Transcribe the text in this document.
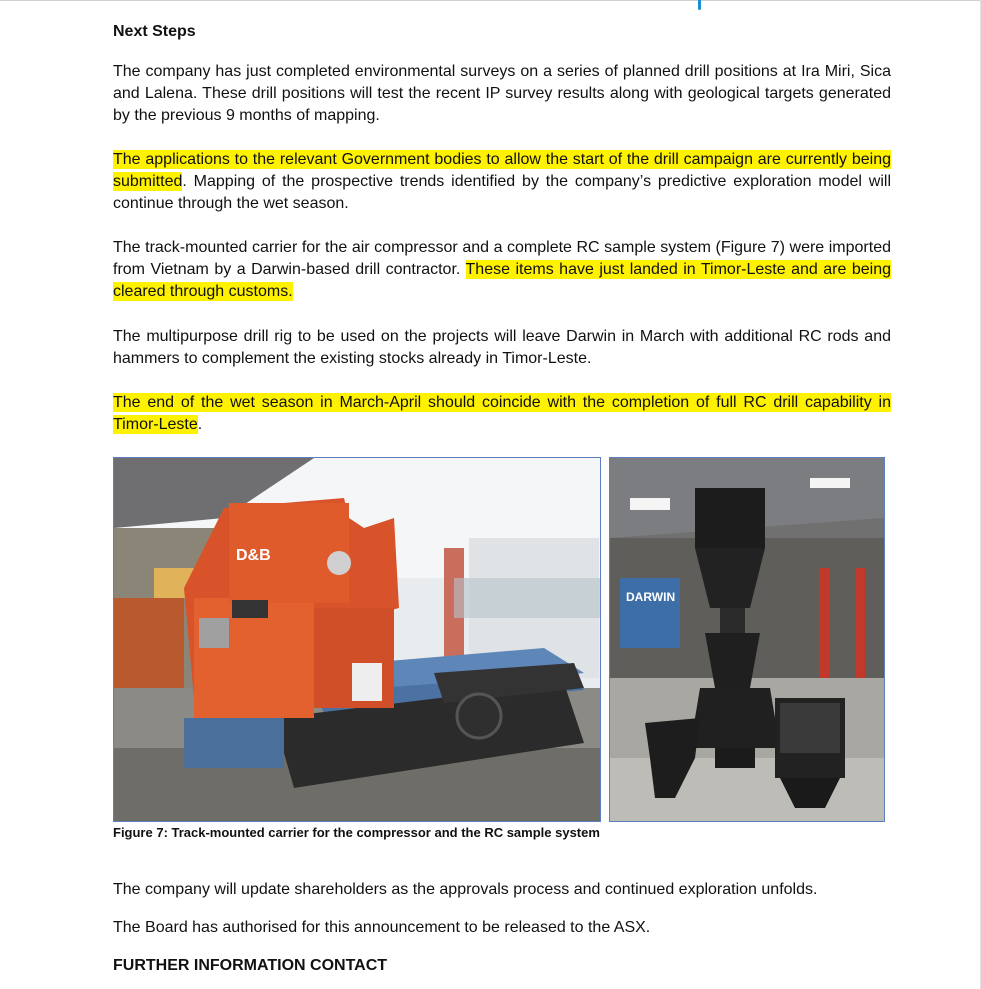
Next Steps

The company has just completed environmental surveys on a series of planned drill positions at Ira Miri, Sica and Lalena. These drill positions will test the recent IP survey results along with geological targets generated by the previous 9 months of mapping.

The applications to the relevant Government bodies to allow the start of the drill campaign are currently being submitted. Mapping of the prospective trends identified by the company’s predictive exploration model will continue through the wet season.

The track-mounted carrier for the air compressor and a complete RC sample system (Figure 7) were imported from Vietnam by a Darwin-based drill contractor. These items have just landed in Timor-Leste and are being cleared through customs.

The multipurpose drill rig to be used on the projects will leave Darwin in March with additional RC rods and hammers to complement the existing stocks already in Timor-Leste.

The end of the wet season in March-April should coincide with the completion of full RC drill capability in Timor-Leste.

D&B
DARWIN
Figure 7: Track-mounted carrier for the compressor and the RC sample system

The company will update shareholders as the approvals process and continued exploration unfolds.

The Board has authorised for this announcement to be released to the ASX.

FURTHER INFORMATION CONTACT
